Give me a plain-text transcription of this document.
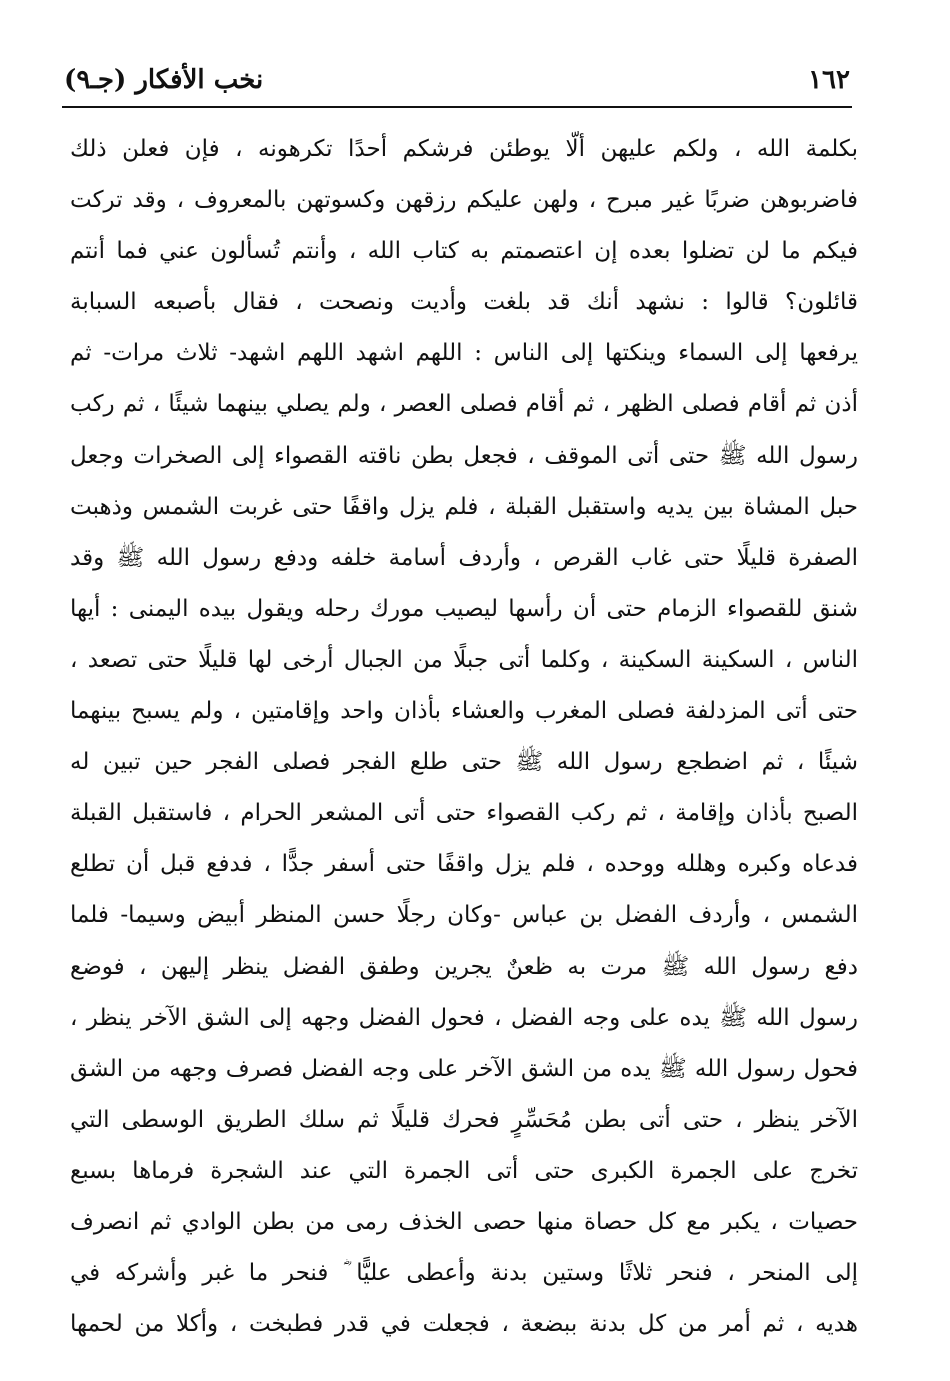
١٦٢
نخب الأفكار (جـ٩)
بكلمة الله ، ولكم عليهن ألّا يوطئن فرشكم أحدًا تكرهونه ، فإن فعلن ذلك
فاضربوهن ضربًا غير مبرح ، ولهن عليكم رزقهن وكسوتهن بالمعروف ، وقد تركت
فيكم ما لن تضلوا بعده إن اعتصمتم به كتاب الله ، وأنتم تُسألون عني فما أنتم
قائلون؟ قالوا : نشهد أنك قد بلغت وأديت ونصحت ، فقال بأصبعه السبابة
يرفعها إلى السماء وينكتها إلى الناس : اللهم اشهد اللهم اشهد- ثلاث مرات- ثم
أذن ثم أقام فصلى الظهر ، ثم أقام فصلى العصر ، ولم يصلي بينهما شيئًا ، ثم ركب
رسول الله ﷺ حتى أتى الموقف ، فجعل بطن ناقته القصواء إلى الصخرات وجعل
حبل المشاة بين يديه واستقبل القبلة ، فلم يزل واقفًا حتى غربت الشمس وذهبت
الصفرة قليلًا حتى غاب القرص ، وأردف أسامة خلفه ودفع رسول الله ﷺ وقد
شنق للقصواء الزمام حتى أن رأسها ليصيب مورك رحله ويقول بيده اليمنى : أيها
الناس ، السكينة السكينة ، وكلما أتى جبلًا من الجبال أرخى لها قليلًا حتى تصعد ،
حتى أتى المزدلفة فصلى المغرب والعشاء بأذان واحد وإقامتين ، ولم يسبح بينهما
شيئًا ، ثم اضطجع رسول الله ﷺ حتى طلع الفجر فصلى الفجر حين تبين له
الصبح بأذان وإقامة ، ثم ركب القصواء حتى أتى المشعر الحرام ، فاستقبل القبلة
فدعاه وكبره وهلله ووحده ، فلم يزل واقفًا حتى أسفر جدًّا ، فدفع قبل أن تطلع
الشمس ، وأردف الفضل بن عباس -وكان رجلًا حسن المنظر أبيض وسيما- فلما
دفع رسول الله ﷺ مرت به ظعنٌ يجرين وطفق الفضل ينظر إليهن ، فوضع
رسول الله ﷺ يده على وجه الفضل ، فحول الفضل وجهه إلى الشق الآخر ينظر ،
فحول رسول الله ﷺ يده من الشق الآخر على وجه الفضل فصرف وجهه من الشق
الآخر ينظر ، حتى أتى بطن مُحَسِّرٍ فحرك قليلًا ثم سلك الطريق الوسطى التي
تخرج على الجمرة الكبرى حتى أتى الجمرة التي عند الشجرة فرماها بسبع
حصيات ، يكبر مع كل حصاة منها حصى الخذف رمى من بطن الوادي ثم انصرف
إلى المنحر ، فنحر ثلاثًا وستين بدنة وأعطى عليًّا ؓ فنحر ما غبر وأشركه في
هديه ، ثم أمر من كل بدنة ببضعة ، فجعلت في قدر فطبخت ، وأكلا من لحمها
